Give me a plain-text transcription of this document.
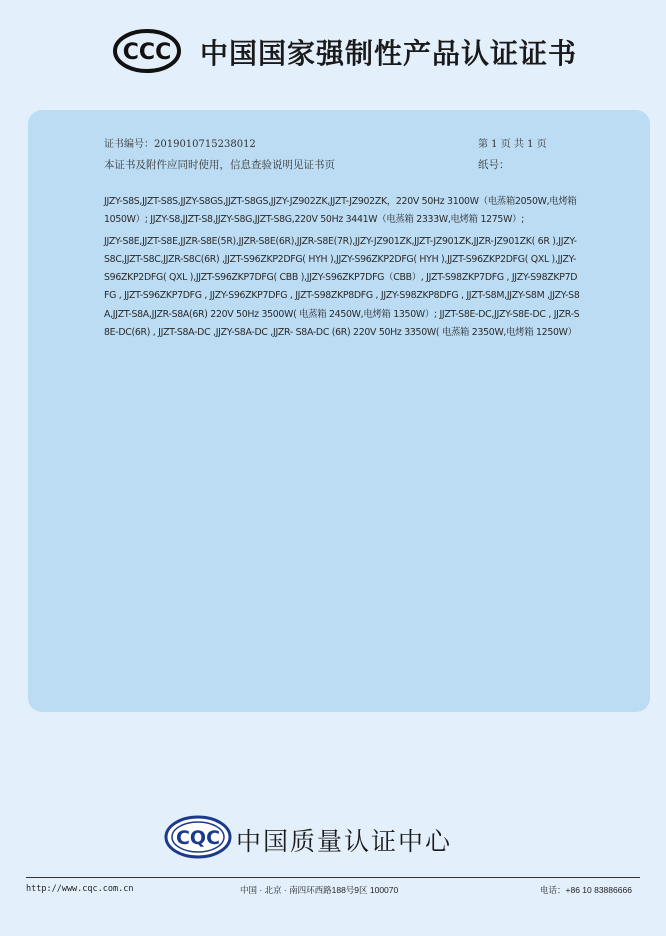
CCC 中国国家强制性产品认证证书
证书编号：2019010715238012	第 1 页 共 1 页
本证书及附件应同时使用，信息查验说明见证书页	纸号：

JJZY-S8S,JJZT-S8S,JJZY-S8GS,JJZT-S8GS,JJZY-JZ902ZK,JJZT-JZ902ZK，220V 50Hz 3100W（电蒸箱2050W,电烤箱 1050W）; JJZY-S8,JJZT-S8,JJZY-S8G,JJZT-S8G,220V 50Hz 3441W（电蒸箱 2333W,电烤箱 1275W）;

JJZY-S8E,JJZT-S8E,JJZR-S8E(5R),JJZR-S8E(6R),JJZR-S8E(7R),JJZY-JZ901ZK,JJZT-JZ901ZK,JJZR-JZ901ZK( 6R ),JJZY-S8C,JJZT-S8C,JJZR-S8C(6R) ,JJZT-S96ZKP2DFG( HYH ),JJZY-S96ZKP2DFG( HYH ),JJZT-S96ZKP2DFG( QXL ),JJZY-S96ZKP2DFG( QXL ),JJZT-S96ZKP7DFG( CBB ),JJZY-S96ZKP7DFG（CBB）, JJZT-S98ZKP7DFG , JJZY-S98ZKP7DFG , JJZT-S96ZKP7DFG , JJZY-S96ZKP7DFG , JJZT-S98ZKP8DFG , JJZY-S98ZKP8DFG , JJZT-S8M,JJZY-S8M ,JJZY-S8A,JJZT-S8A,JJZR-S8A(6R) 220V 50Hz 3500W( 电蒸箱 2450W,电烤箱 1350W）; JJZT-S8E-DC,JJZY-S8E-DC , JJZR-S8E-DC(6R) , JJZT-S8A-DC ,JJZY-S8A-DC ,JJZR- S8A-DC (6R) 220V 50Hz 3350W( 电蒸箱 2350W,电烤箱 1250W）

CQC 中国质量认证中心
http://www.cqc.com.cn	中国 · 北京 · 南四环西路188号9区 100070	电话：+86 10 83886666
